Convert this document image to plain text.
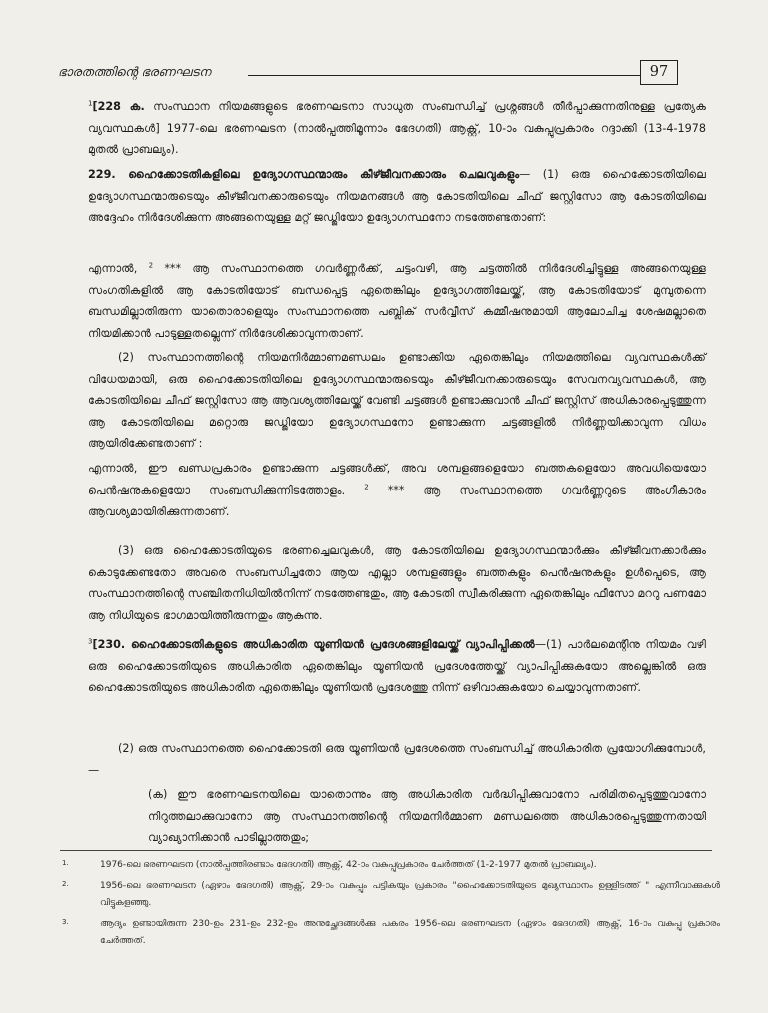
ഭാരതത്തിന്റെ ഭരണഘടന	97

$^1$[228 ക. സംസ്ഥാന നിയമങ്ങളുടെ ഭരണഘടനാ സാധുത സംബന്ധിച്ച് പ്രശ്നങ്ങൾ തീർപ്പാക്കുന്നതിനുള്ള പ്രത്യേക വ്യവസ്ഥകൾ] 1977-ലെ ഭരണഘടന (നാൽപ്പത്തിമൂന്നാം ഭേദഗതി) ആക്റ്റ്, 10-ാം വകുപ്പുപ്രകാരം റദ്ദാക്കി (13-4-1978 മുതൽ പ്രാബല്യം).

229. ഹൈക്കോടതികളിലെ ഉദ്യോഗസ്ഥന്മാരും കീഴ്ജീവനക്കാരും ചെലവുകളും— (1) ഒരു ഹൈക്കോടതിയിലെ ഉദ്യോഗസ്ഥന്മാരുടെയും കീഴ്ജീവനക്കാരുടെയും നിയമനങ്ങൾ ആ കോടതിയിലെ ചീഫ് ജസ്റ്റിസോ ആ കോടതിയിലെ അദ്ദേഹം നിർദേശിക്കുന്ന അങ്ങനെയുള്ള മറ്റ് ജഡ്ജിയോ ഉദ്യോഗസ്ഥനോ നടത്തേണ്ടതാണ്:

എന്നാൽ, $^2$ *** ആ സംസ്ഥാനത്തെ ഗവർണ്ണർക്ക്, ചട്ടംവഴി, ആ ചട്ടത്തിൽ നിർദേശിച്ചിട്ടുള്ള അങ്ങനെയുള്ള സംഗതികളിൽ ആ കോടതിയോട് ബന്ധപ്പെട്ട ഏതെങ്കിലും ഉദ്യോഗത്തിലേയ്ക്ക്, ആ കോടതിയോട് മുമ്പുതന്നെ ബന്ധമില്ലാതിരുന്ന യാതൊരാളെയും സംസ്ഥാനത്തെ പബ്ലിക് സർവ്വീസ് കമ്മീഷനുമായി ആലോചിച്ച ശേഷമല്ലാതെ നിയമിക്കാൻ പാടുള്ളതല്ലെന്ന് നിർദേശിക്കാവുന്നതാണ്.

(2) സംസ്ഥാനത്തിന്റെ നിയമനിർമ്മാണമണ്ഡലം ഉണ്ടാക്കിയ ഏതെങ്കിലും നിയമത്തിലെ വ്യവസ്ഥകൾക്ക് വിധേയമായി, ഒരു ഹൈക്കോടതിയിലെ ഉദ്യോഗസ്ഥന്മാരുടെയും കീഴ്ജീവനക്കാരുടെയും സേവനവ്യവസ്ഥകൾ, ആ കോടതിയിലെ ചീഫ് ജസ്റ്റിസോ ആ ആവശ്യത്തിലേയ്ക്ക് വേണ്ടി ചട്ടങ്ങൾ ഉണ്ടാക്കുവാൻ ചീഫ് ജസ്റ്റിസ് അധികാരപ്പെടുത്തുന്ന ആ കോടതിയിലെ മറ്റൊരു ജഡ്ജിയോ ഉദ്യോഗസ്ഥനോ ഉണ്ടാക്കുന്ന ചട്ടങ്ങളിൽ നിർണ്ണയിക്കാവുന്ന വിധം ആയിരിക്കേണ്ടതാണ് :

എന്നാൽ, ഈ ഖണ്ഡപ്രകാരം ഉണ്ടാക്കുന്ന ചട്ടങ്ങൾക്ക്, അവ ശമ്പളങ്ങളെയോ ബത്തകളെയോ അവധിയെയോ പെൻഷനുകളെയോ സംബന്ധിക്കുന്നിടത്തോളം. $^2$ *** ആ സംസ്ഥാനത്തെ ഗവർണ്ണറുടെ അംഗീകാരം ആവശ്യമായിരിക്കുന്നതാണ്.

(3) ഒരു ഹൈക്കോടതിയുടെ ഭരണച്ചെലവുകൾ, ആ കോടതിയിലെ ഉദ്യോഗസ്ഥന്മാർക്കും കീഴ്ജീവനക്കാർക്കും കൊടുക്കേണ്ടതോ അവരെ സംബന്ധിച്ചതോ ആയ എല്ലാ ശമ്പളങ്ങളും ബത്തകളും പെൻഷനുകളും ഉൾപ്പെടെ, ആ സംസ്ഥാനത്തിന്റെ സഞ്ചിതനിധിയിൽനിന്ന് നടത്തേണ്ടതും, ആ കോടതി സ്വീകരിക്കുന്ന ഏതെങ്കിലും ഫീസോ മററു പണമോ ആ നിധിയുടെ ഭാഗമായിത്തീരുന്നതും ആകുന്നു.

$^3$[230. ഹൈക്കോടതികളുടെ അധികാരിത യൂണിയൻ പ്രദേശങ്ങളിലേയ്ക്ക് വ്യാപിപ്പിക്കൽ—(1) പാർലമെന്റിനു നിയമം വഴി ഒരു ഹൈക്കോടതിയുടെ അധികാരിത ഏതെങ്കിലും യൂണിയൻ പ്രദേശത്തേയ്ക്ക് വ്യാപിപ്പിക്കുകയോ അല്ലെങ്കിൽ ഒരു ഹൈക്കോടതിയുടെ അധികാരിത ഏതെങ്കിലും യൂണിയൻ പ്രദേശത്തു നിന്ന് ഒഴിവാക്കുകയോ ചെയ്യാവുന്നതാണ്.

(2) ഒരു സംസ്ഥാനത്തെ ഹൈക്കോടതി ഒരു യൂണിയൻ പ്രദേശത്തെ സംബന്ധിച്ച് അധികാരിത പ്രയോഗിക്കുമ്പോൾ,—

(ക) ഈ ഭരണഘടനയിലെ യാതൊന്നും ആ അധികാരിത വർദ്ധിപ്പിക്കുവാനോ പരിമിതപ്പെടുത്തുവാനോ നിറുത്തലാക്കുവാനോ ആ സംസ്ഥാനത്തിന്റെ നിയമനിർമ്മാണ മണ്ഡലത്തെ അധികാരപ്പെടുത്തുന്നതായി വ്യാഖ്യാനിക്കാൻ പാടില്ലാത്തതും;

1.	1976-ലെ ഭരണഘടന (നാൽപ്പത്തിരണ്ടാം ഭേദഗതി) ആക്റ്റ്, 42-ാം വകുപ്പുപ്രകാരം ചേർത്തത് (1-2-1977 മുതൽ പ്രാബല്യം).

2.	1956-ലെ ഭരണഘടന (ഏഴാം ഭേദഗതി) ആക്റ്റ്, 29-ാം വകുപ്പും പട്ടികയും പ്രകാരം "ഹൈക്കോടതിയുടെ മുഖ്യസ്ഥാനം ഉള്ളിടത്ത് " എന്നീവാക്കുകൾ വിട്ടുകളഞ്ഞു.

3.	ആദ്യം ഉണ്ടായിരുന്ന 230-ഉം 231-ഉം 232-ഉം അനുച്ഛേദങ്ങൾക്കു പകരം 1956-ലെ ഭരണഘടന (ഏഴാം ഭേദഗതി) ആക്റ്റ്, 16-ാം വകുപ്പു പ്രകാരം ചേർത്തത്.
